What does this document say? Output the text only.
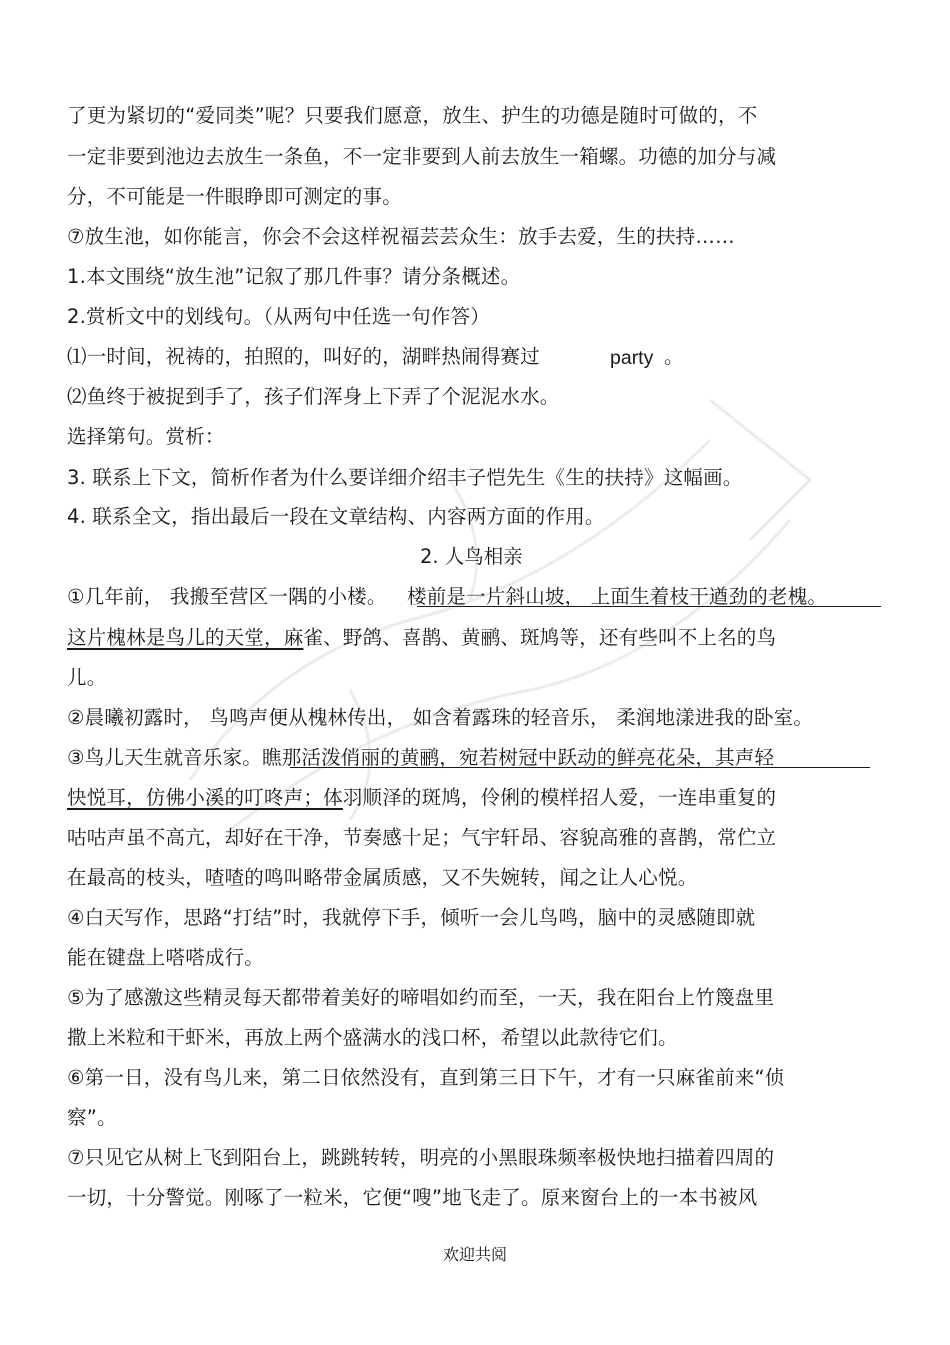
了更为紧切的“爱同类”呢？只要我们愿意，放生、护生的功德是随时可做的，不
一定非要到池边去放生一条鱼，不一定非要到人前去放生一箱螺。功德的加分与减
分，不可能是一件眼睁即可测定的事。
⑦放生池，如你能言，你会不会这样祝福芸芸众生：放手去爱，生的扶持……
1.本文围绕“放生池”记叙了那几件事？请分条概述。
2.赏析文中的划线句。（从两句中任选一句作答）
⑴一时间，祝祷的，拍照的，叫好的，湖畔热闹得赛过	party 。
⑵鱼终于被捉到手了，孩子们浑身上下弄了个泥泥水水。
选择第句。赏析：
3. 联系上下文，简析作者为什么要详细介绍丰子恺先生《生的扶持》这幅画。
4. 联系全文，指出最后一段在文章结构、内容两方面的作用。
2. 人鸟相亲
①几年前， 我搬至营区一隅的小楼。 楼前是一片斜山坡， 上面生着枝干遒劲的老槐。
这片槐林是鸟儿的天堂，麻雀、野鸽、喜鹊、黄鹂、斑鸠等，还有些叫不上名的鸟
儿。
②晨曦初露时， 鸟鸣声便从槐林传出， 如含着露珠的轻音乐， 柔润地漾进我的卧室。
③鸟儿天生就音乐家。瞧那活泼俏丽的黄鹂，宛若树冠中跃动的鲜亮花朵，其声轻
快悦耳，仿佛小溪的叮咚声；体羽顺泽的斑鸠，伶俐的模样招人爱，一连串重复的
咕咕声虽不高亢，却好在干净，节奏感十足；气宇轩昂、容貌高雅的喜鹊，常伫立
在最高的枝头，喳喳的鸣叫略带金属质感，又不失婉转，闻之让人心悦。
④白天写作，思路“打结”时，我就停下手，倾听一会儿鸟鸣，脑中的灵感随即就
能在键盘上嗒嗒成行。
⑤为了感激这些精灵每天都带着美好的啼唱如约而至，一天，我在阳台上竹篾盘里
撒上米粒和干虾米，再放上两个盛满水的浅口杯，希望以此款待它们。
⑥第一日，没有鸟儿来，第二日依然没有，直到第三日下午，才有一只麻雀前来“侦
察”。
⑦只见它从树上飞到阳台上，跳跳转转，明亮的小黑眼珠频率极快地扫描着四周的
一切，十分警觉。刚啄了一粒米，它便“嗖”地飞走了。原来窗台上的一本书被风
欢迎共阅
